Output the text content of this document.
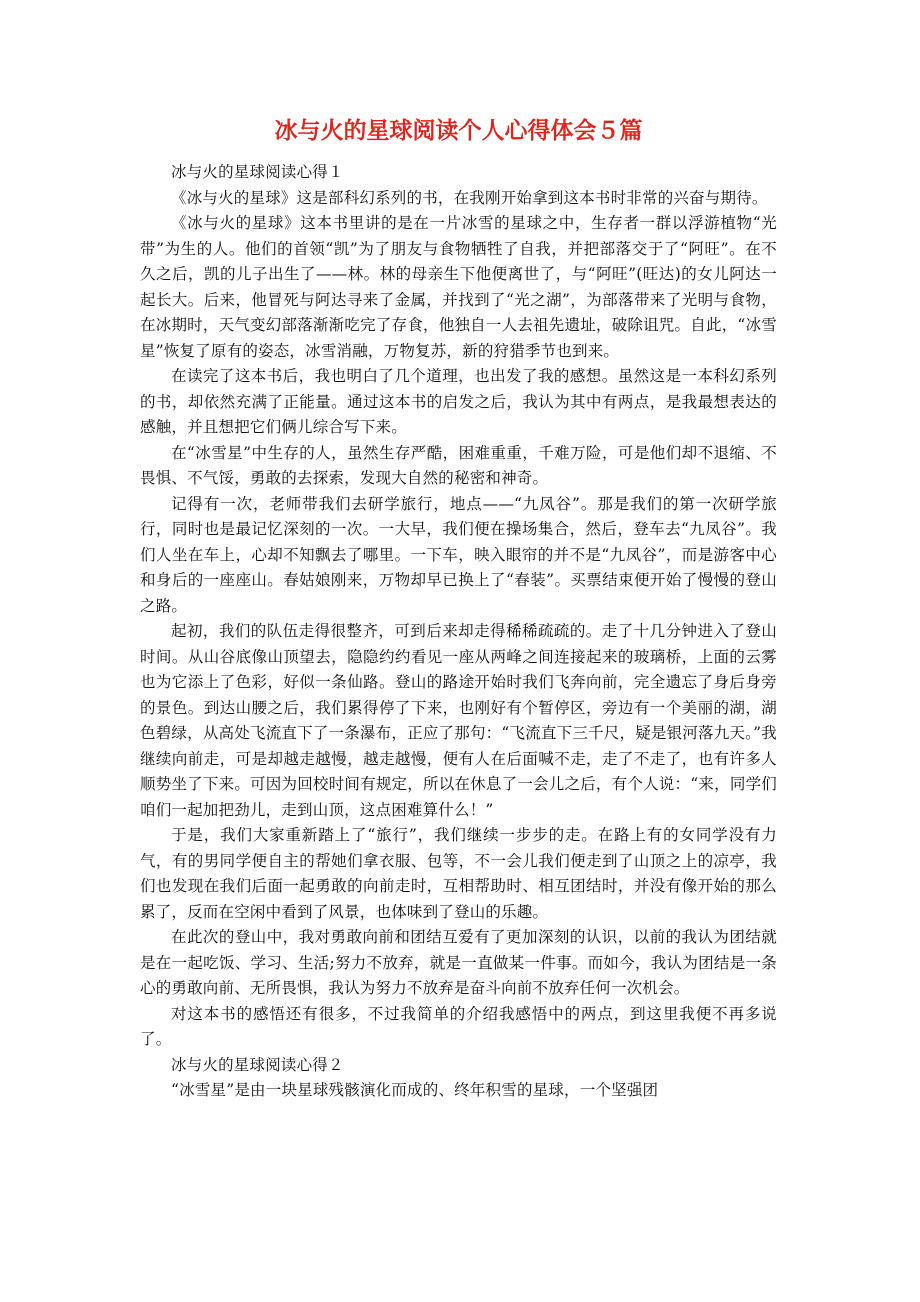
冰与火的星球阅读个人心得体会５篇

冰与火的星球阅读心得１

《冰与火的星球》这是部科幻系列的书，在我刚开始拿到这本书时非常的兴奋与期待。

《冰与火的星球》这本书里讲的是在一片冰雪的星球之中，生存者一群以浮游植物“光带”为生的人。他们的首领“凯”为了朋友与食物牺牲了自我，并把部落交于了“阿旺”。在不久之后，凯的儿子出生了——林。林的母亲生下他便离世了，与“阿旺”(旺达)的女儿阿达一起长大。后来，他冒死与阿达寻来了金属，并找到了“光之湖”，为部落带来了光明与食物，在冰期时，天气变幻部落渐渐吃完了存食，他独自一人去祖先遗址，破除诅咒。自此，“冰雪星”恢复了原有的姿态，冰雪消融，万物复苏，新的狩猎季节也到来。

在读完了这本书后，我也明白了几个道理，也出发了我的感想。虽然这是一本科幻系列的书，却依然充满了正能量。通过这本书的启发之后，我认为其中有两点，是我最想表达的感触，并且想把它们俩儿综合写下来。

在“冰雪星”中生存的人，虽然生存严酷，困难重重，千难万险，可是他们却不退缩、不畏惧、不气馁，勇敢的去探索，发现大自然的秘密和神奇。

记得有一次，老师带我们去研学旅行，地点——“九凤谷”。那是我们的第一次研学旅行，同时也是最记忆深刻的一次。一大早，我们便在操场集合，然后，登车去“九凤谷”。我们人坐在车上，心却不知飘去了哪里。一下车，映入眼帘的并不是“九凤谷”，而是游客中心和身后的一座座山。春姑娘刚来，万物却早已换上了“春装”。买票结束便开始了慢慢的登山之路。

起初，我们的队伍走得很整齐，可到后来却走得稀稀疏疏的。走了十几分钟进入了登山时间。从山谷底像山顶望去，隐隐约约看见一座从两峰之间连接起来的玻璃桥，上面的云雾也为它添上了色彩，好似一条仙路。登山的路途开始时我们飞奔向前，完全遗忘了身后身旁的景色。到达山腰之后，我们累得停了下来，也刚好有个暂停区，旁边有一个美丽的湖，湖色碧绿，从高处飞流直下了一条瀑布，正应了那句：“飞流直下三千尺，疑是银河落九天。”我继续向前走，可是却越走越慢，越走越慢，便有人在后面喊不走，走了不走了，也有许多人顺势坐了下来。可因为回校时间有规定，所以在休息了一会儿之后，有个人说：“来，同学们咱们一起加把劲儿，走到山顶，这点困难算什么！”

于是，我们大家重新踏上了“旅行”，我们继续一步步的走。在路上有的女同学没有力气，有的男同学便自主的帮她们拿衣服、包等，不一会儿我们便走到了山顶之上的凉亭，我们也发现在我们后面一起勇敢的向前走时，互相帮助时、相互团结时，并没有像开始的那么累了，反而在空闲中看到了风景，也体味到了登山的乐趣。

在此次的登山中，我对勇敢向前和团结互爱有了更加深刻的认识，以前的我认为团结就是在一起吃饭、学习、生活;努力不放弃，就是一直做某一件事。而如今，我认为团结是一条心的勇敢向前、无所畏惧，我认为努力不放弃是奋斗向前不放弃任何一次机会。

对这本书的感悟还有很多，不过我简单的介绍我感悟中的两点，到这里我便不再多说了。

冰与火的星球阅读心得２

“冰雪星”是由一块星球残骸演化而成的、终年积雪的星球，一个坚强团
